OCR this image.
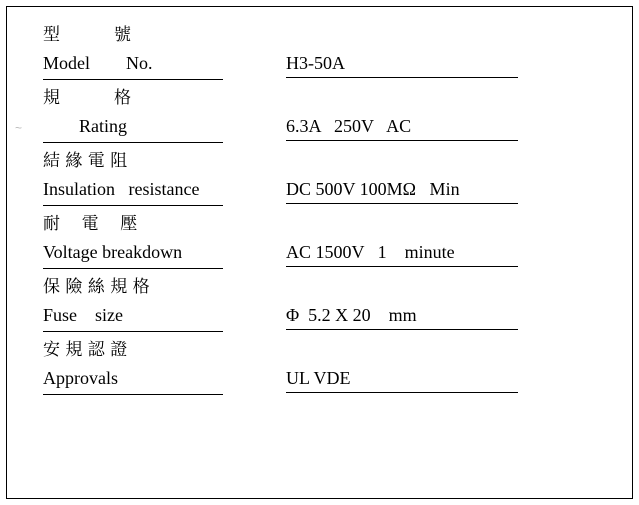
~
型          號
Model        No.	H3-50A
規          格
Rating	6.3A   250V   AC
結 緣 電 阻
Insulation   resistance	DC 500V 100MΩ   Min
耐    電    壓
Voltage breakdown	AC 1500V   1    minute
保 險 絲 規 格
Fuse    size	Φ  5.2 X 20    mm
安 規 認 證
Approvals	UL VDE
